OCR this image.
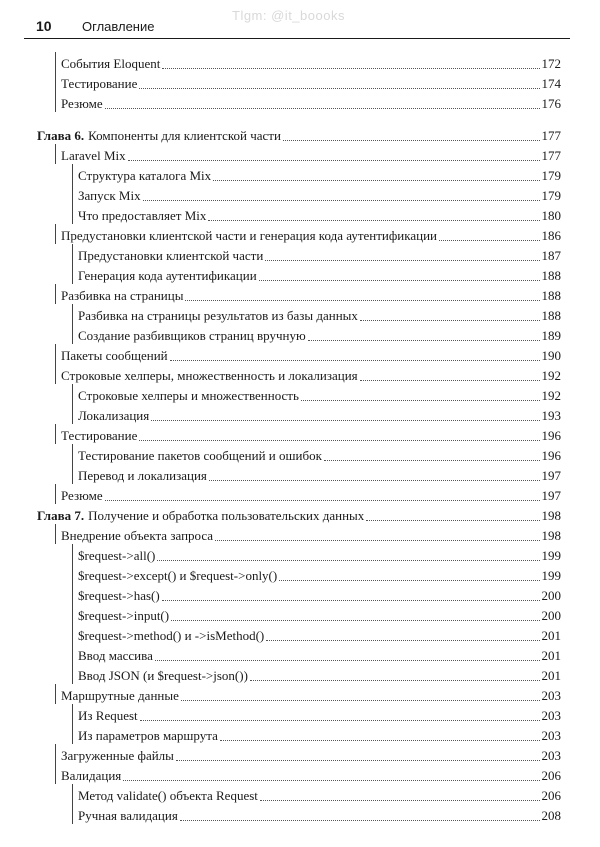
10 Оглавление
Tlgm: @it_boooks
События Eloquent	172
Тестирование	174
Резюме	176
Глава 6. Компоненты для клиентской части	177
Laravel Mix	177
Структура каталога Mix	179
Запуск Mix	179
Что предоставляет Mix	180
Предустановки клиентской части и генерация кода аутентификации	186
Предустановки клиентской части	187
Генерация кода аутентификации	188
Разбивка на страницы	188
Разбивка на страницы результатов из базы данных	188
Создание разбивщиков страниц вручную	189
Пакеты сообщений	190
Строковые хелперы, множественность и локализация	192
Строковые хелперы и множественность	192
Локализация	193
Тестирование	196
Тестирование пакетов сообщений и ошибок	196
Перевод и локализация	197
Резюме	197
Глава 7. Получение и обработка пользовательских данных	198
Внедрение объекта запроса	198
$request->all()	199
$request->except() и $request->only()	199
$request->has()	200
$request->input()	200
$request->method() и ->isMethod()	201
Ввод массива	201
Ввод JSON (и $request->json())	201
Маршрутные данные	203
Из Request	203
Из параметров маршрута	203
Загруженные файлы	203
Валидация	206
Метод validate() объекта Request	206
Ручная валидация	208
